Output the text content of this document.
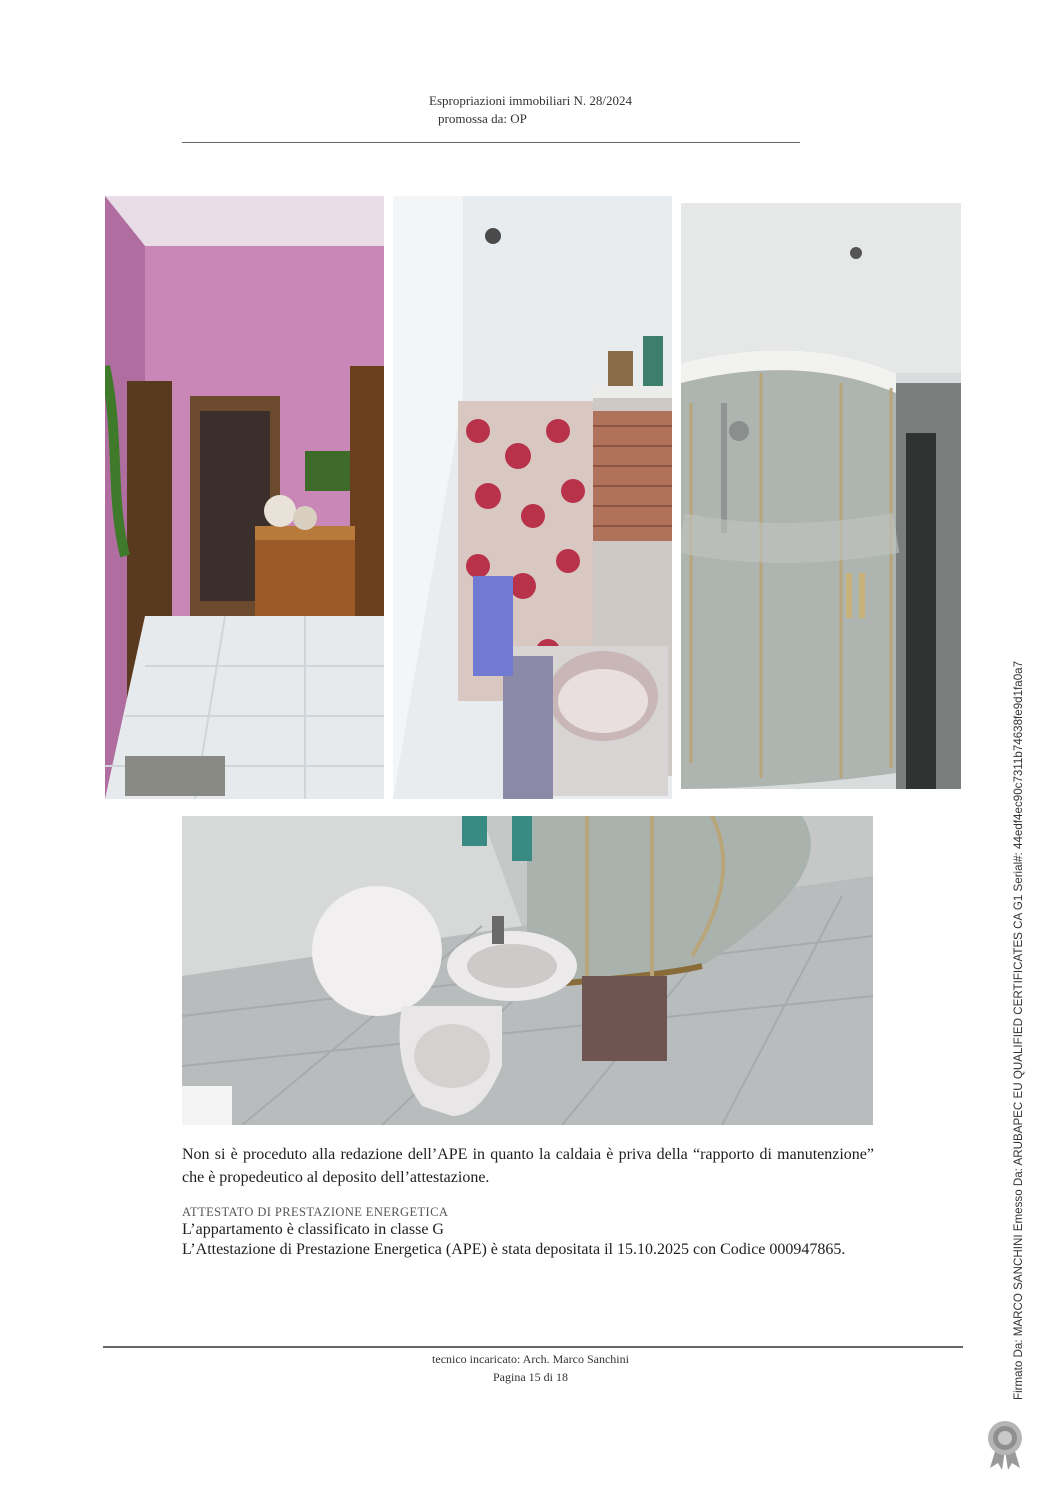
Espropriazioni immobiliari N. 28/2024
promossa da: OP
Non si è proceduto alla redazione dell’APE in quanto la caldaia è priva della “rapporto di manutenzione” che è propedeutico al deposito dell’attestazione.
ATTESTATO DI PRESTAZIONE ENERGETICA
L’appartamento è classificato in classe G
L’Attestazione di Prestazione Energetica (APE) è stata depositata il 15.10.2025 con Codice 000947865.
tecnico incaricato: Arch. Marco Sanchini
Pagina 15 di 18	Firmato Da: MARCO SANCHINI Emesso Da: ARUBAPEC EU QUALIFIED CERTIFICATES CA G1 Serial#: 44edf4ec90c7311b74638fe9d1fa0a7
